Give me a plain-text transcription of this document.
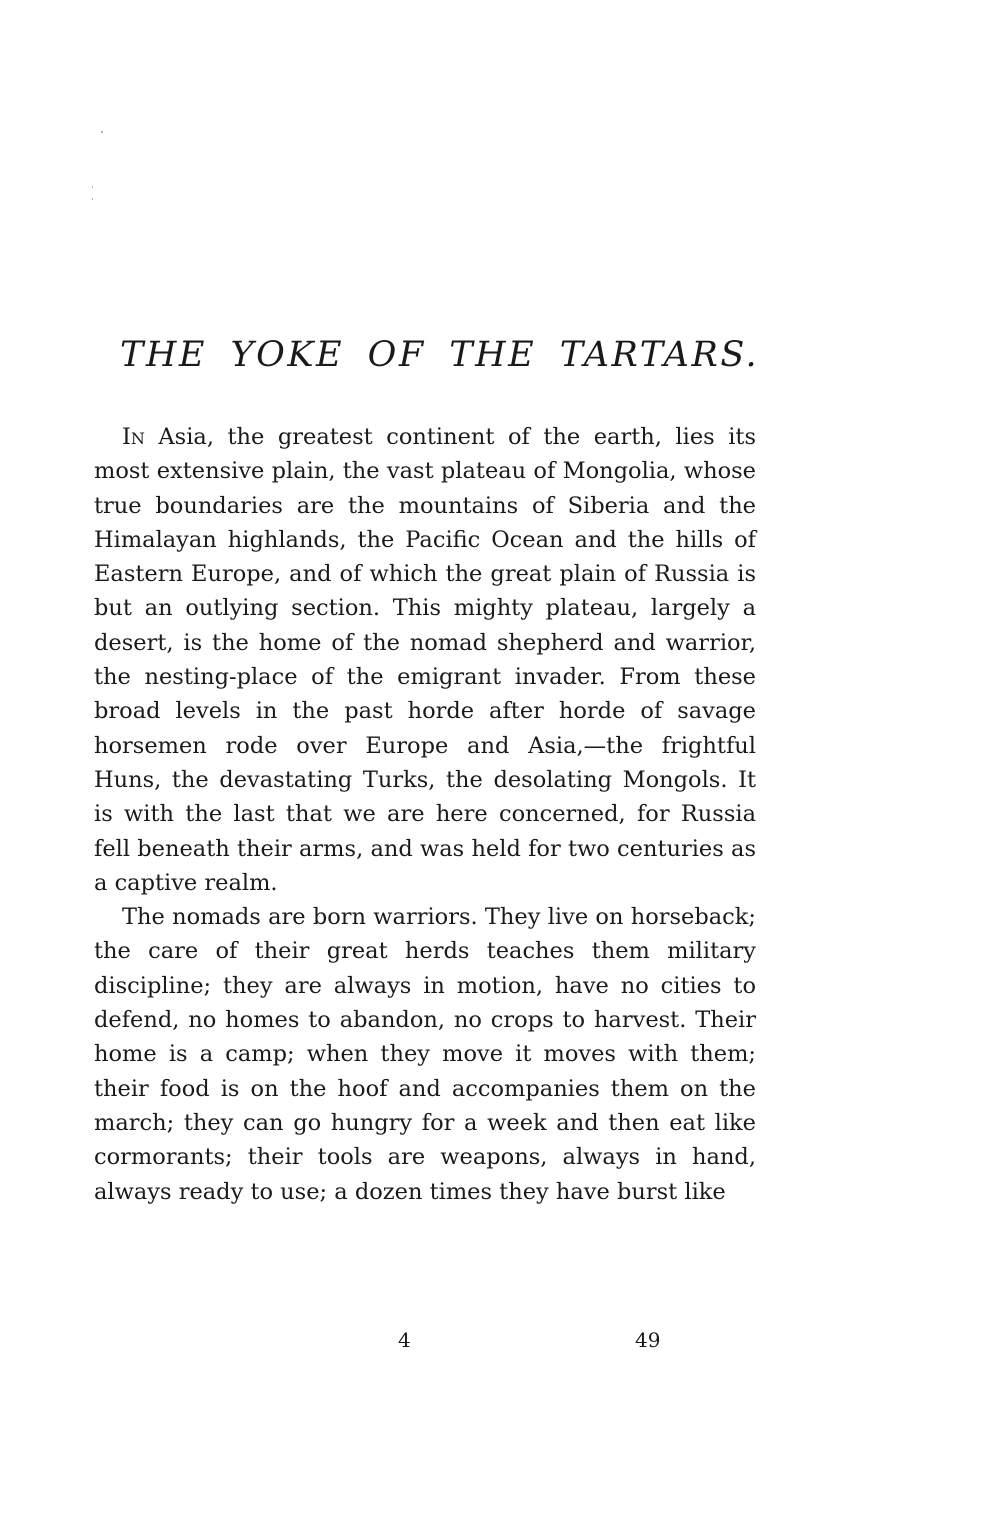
THE YOKE OF THE TARTARS.

In Asia, the greatest continent of the earth, lies its most extensive plain, the vast plateau of Mongolia, whose true boundaries are the mountains of Siberia and the Himalayan highlands, the Pacific Ocean and the hills of Eastern Europe, and of which the great plain of Russia is but an outlying section. This mighty plateau, largely a desert, is the home of the nomad shepherd and warrior, the nesting-place of the emigrant invader. From these broad levels in the past horde after horde of savage horsemen rode over Europe and Asia,—the frightful Huns, the devastating Turks, the desolating Mongols. It is with the last that we are here concerned, for Russia fell beneath their arms, and was held for two centuries as a captive realm.

The nomads are born warriors. They live on horseback; the care of their great herds teaches them military discipline; they are always in motion, have no cities to defend, no homes to abandon, no crops to harvest. Their home is a camp; when they move it moves with them; their food is on the hoof and accompanies them on the march; they can go hungry for a week and then eat like cormorants; their tools are weapons, always in hand, always ready to use; a dozen times they have burst like

4	49
